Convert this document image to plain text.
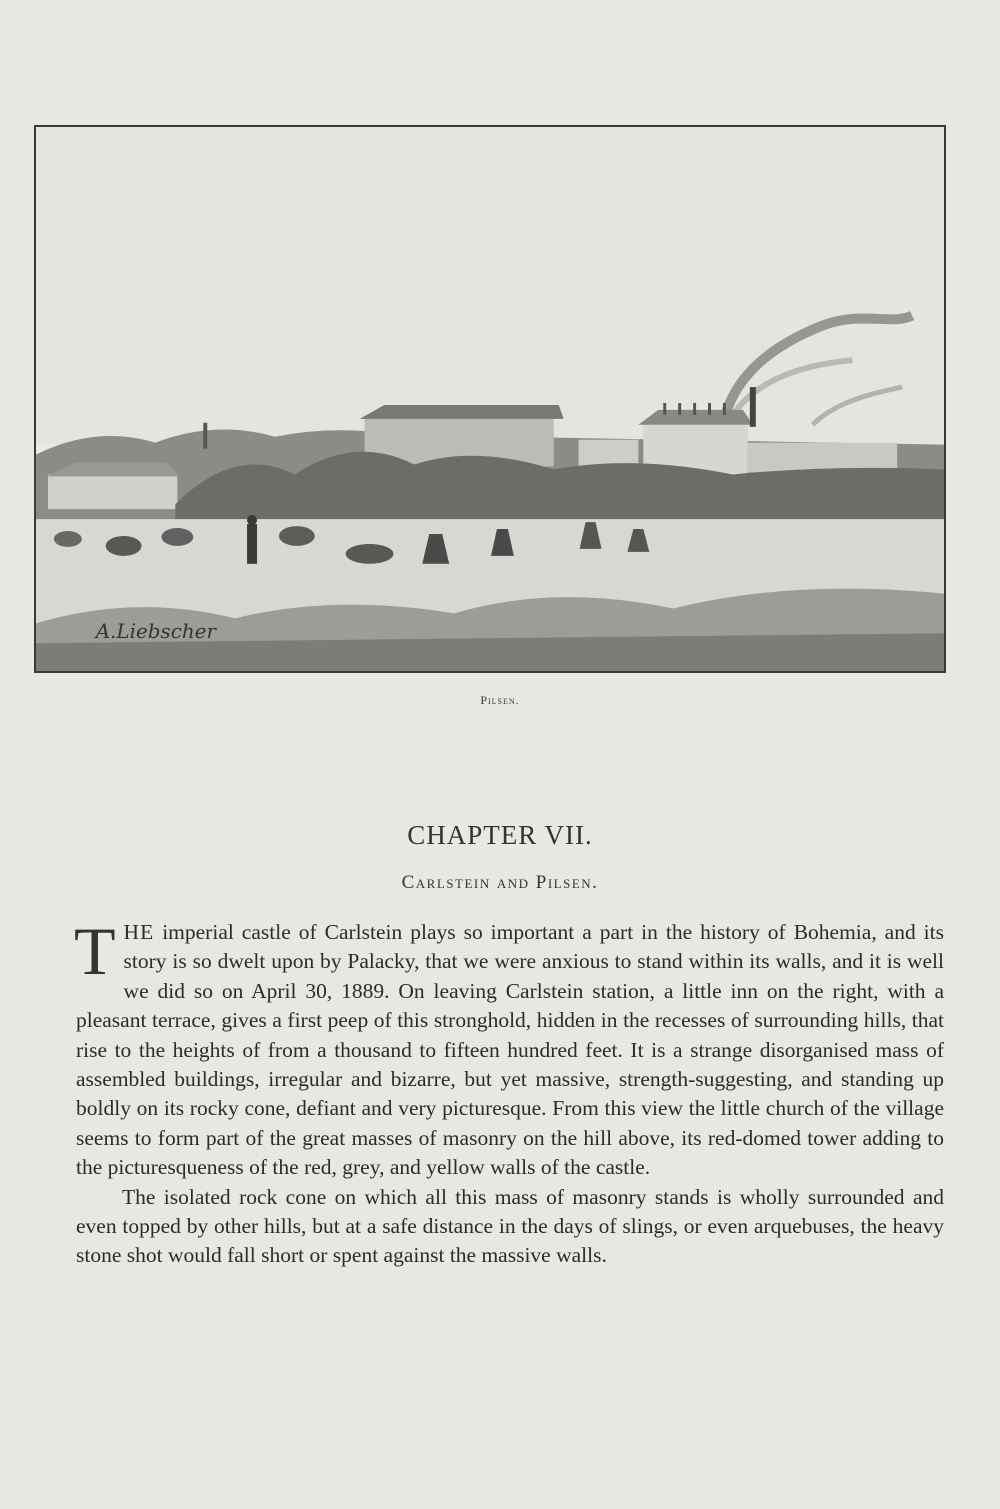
A.Liebscher
Pilsen.
CHAPTER VII.
Carlstein and Pilsen.

THE imperial castle of Carlstein plays so important a part in the history of Bohemia, and its story is so dwelt upon by Palacky, that we were anxious to stand within its walls, and it is well we did so on April 30, 1889. On leaving Carlstein station, a little inn on the right, with a pleasant terrace, gives a first peep of this stronghold, hidden in the recesses of surrounding hills, that rise to the heights of from a thousand to fifteen hundred feet. It is a strange disorganised mass of assembled buildings, irregular and bizarre, but yet massive, strength-suggesting, and standing up boldly on its rocky cone, defiant and very picturesque. From this view the little church of the village seems to form part of the great masses of masonry on the hill above, its red-domed tower adding to the picturesqueness of the red, grey, and yellow walls of the castle.

The isolated rock cone on which all this mass of masonry stands is wholly surrounded and even topped by other hills, but at a safe distance in the days of slings, or even arquebuses, the heavy stone shot would fall short or spent against the massive walls.
